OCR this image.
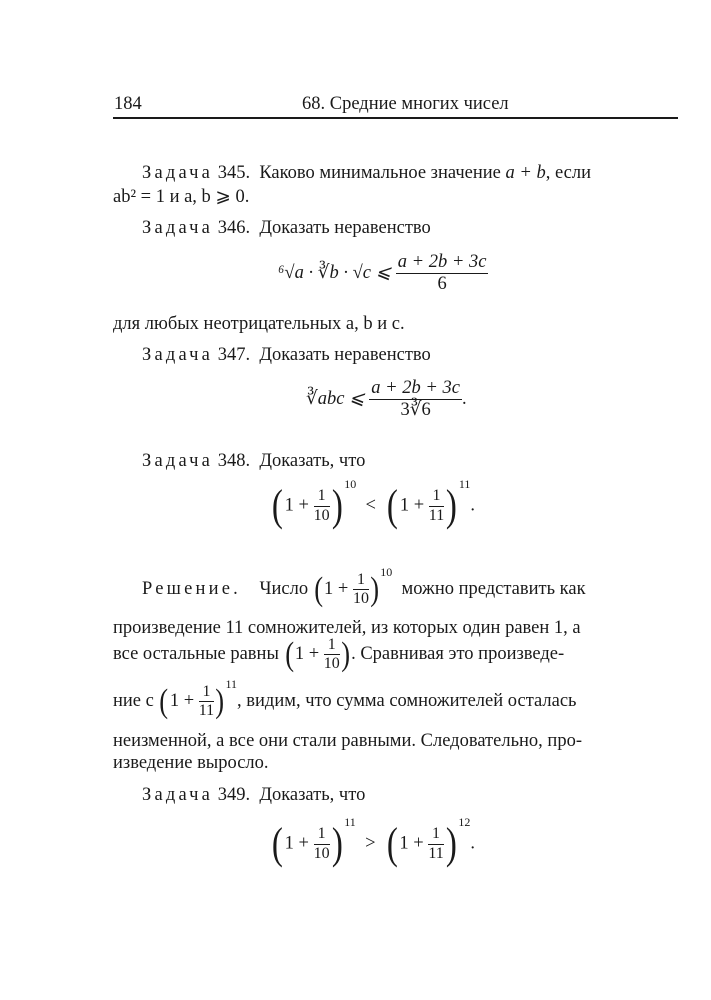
184	68. Средние многих чисел
Задача 345. Каково минимальное значение a + b, если
ab² = 1 и a, b ⩾ 0.
Задача 346. Доказать неравенство
⁶√a · ∛b · √c ⩽ $\frac{a + 2b + 3c}{6}$
для любых неотрицательных a, b и c.
Задача 347. Доказать неравенство
∛abc ⩽ $\frac{a + 2b + 3c}{3∛6}$ .
Задача 348. Доказать, что
($1 + \frac{1}{10}$ ) $^{10} < (1 + \frac{1}{11}$ ) $^{11}$.
Решение. Число $(1 + \frac{1}{10} )^{10}$  можно представить как
произведение 11 сомножителей, из которых один равен 1, а
все остальные равны ($1 + \frac{1}{10}$ ). Сравнивая это произведе-
ние с $(1 + \frac{1}{11} )^{11}$, видим, что сумма сомножителей осталась
неизменной, а все они стали равными. Следовательно, про-
изведение выросло.
Задача 349. Доказать, что
($1 + \frac{1}{10}$ ) $^{11} > (1 + \frac{1}{11}$ ) $^{12}$.
